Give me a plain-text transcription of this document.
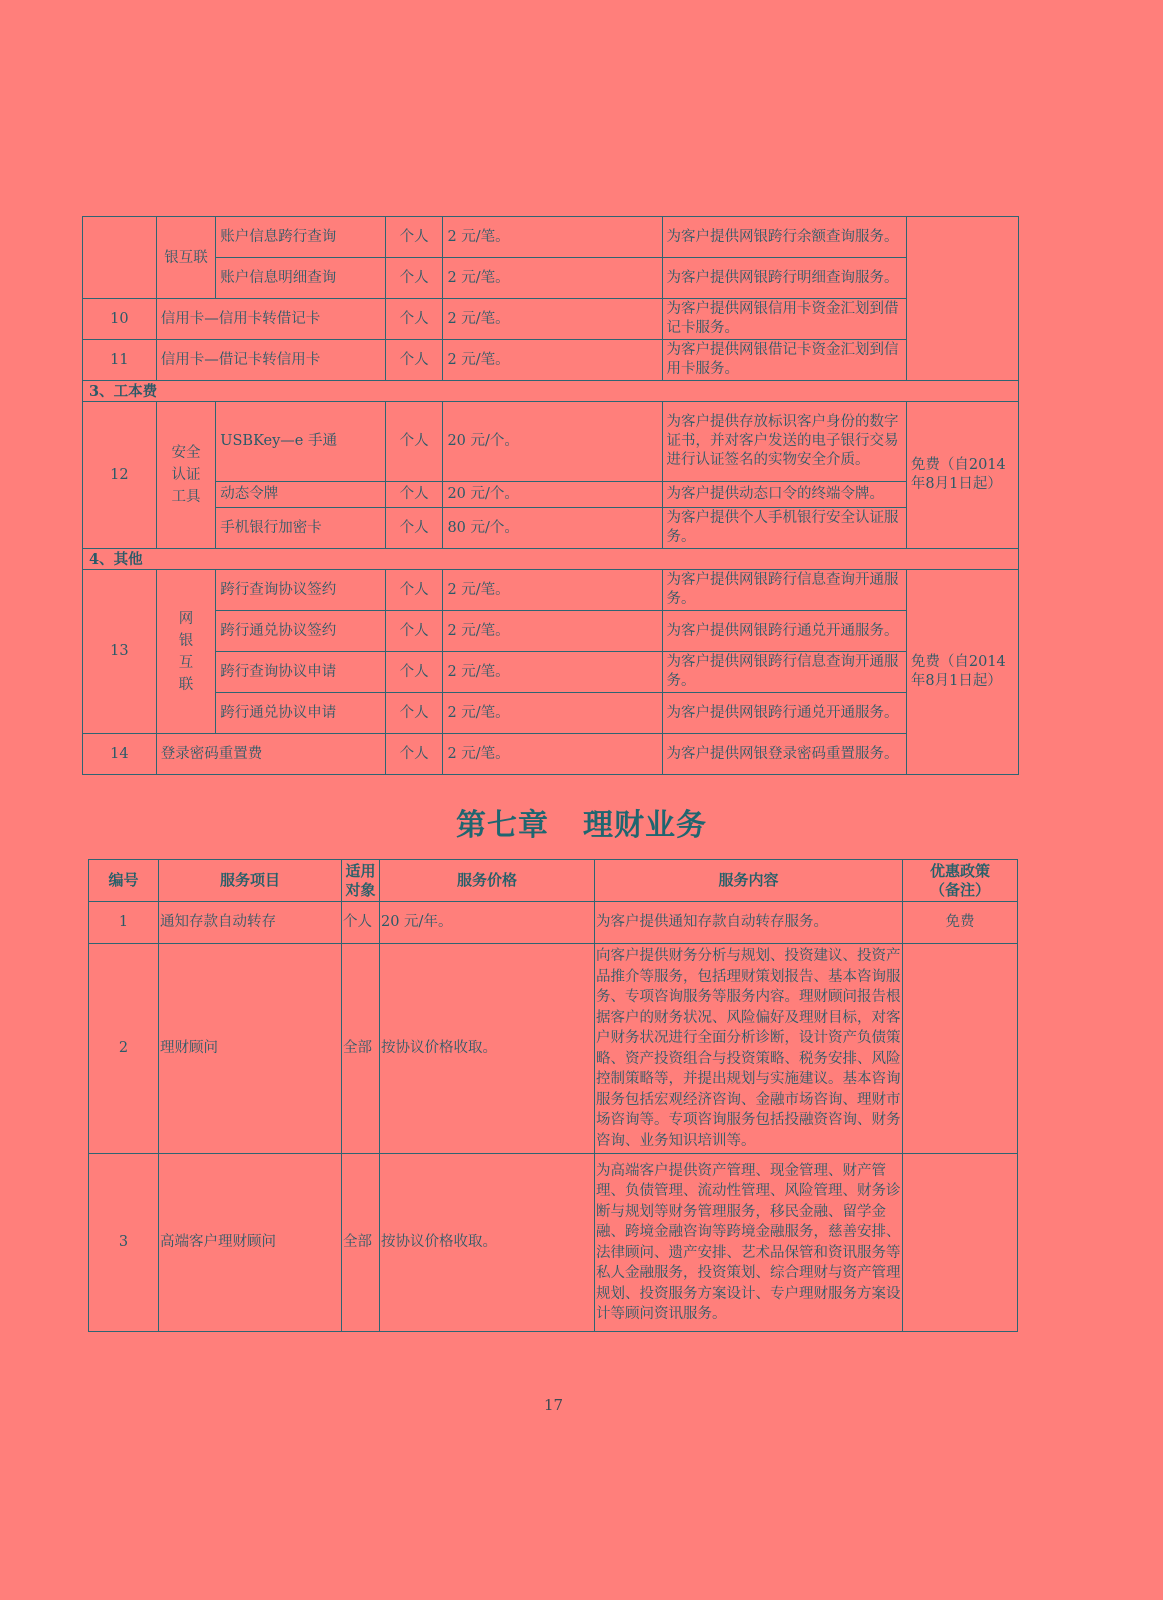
	银互联	账户信息跨行查询	个人	2 元/笔。	为客户提供网银跨行余额查询服务。	
		账户信息明细查询	个人	2 元/笔。	为客户提供网银跨行明细查询服务。	
10	信用卡—信用卡转借记卡		个人	2 元/笔。	为客户提供网银信用卡资金汇划到借记卡服务。	
11	信用卡—借记卡转信用卡		个人	2 元/笔。	为客户提供网银借记卡资金汇划到信用卡服务。	
3、工本费						
12	安全认证工具	USBKey—e 手通	个人	20 元/个。	为客户提供存放标识客户身份的数字证书，并对客户发送的电子银行交易进行认证签名的实物安全介质。	免费（自2014年8月1日起）
		动态令牌	个人	20 元/个。	为客户提供动态口令的终端令牌。	
		手机银行加密卡	个人	80 元/个。	为客户提供个人手机银行安全认证服务。	
4、其他						
13	网银互联	跨行查询协议签约	个人	2 元/笔。	为客户提供网银跨行信息查询开通服务。	免费（自2014年8月1日起）
		跨行通兑协议签约	个人	2 元/笔。	为客户提供网银跨行通兑开通服务。	
		跨行查询协议申请	个人	2 元/笔。	为客户提供网银跨行信息查询开通服务。	
		跨行通兑协议申请	个人	2 元/笔。	为客户提供网银跨行通兑开通服务。	
14	登录密码重置费		个人	2 元/笔。	为客户提供网银登录密码重置服务。	
第七章 理财业务
编号	服务项目	适用对象	服务价格	服务内容	优惠政策（备注）
1	通知存款自动转存	个人	20 元/年。	为客户提供通知存款自动转存服务。	免费
2	理财顾问	全部	按协议价格收取。	向客户提供财务分析与规划、投资建议、投资产品推介等服务，包括理财策划报告、基本咨询服务、专项咨询服务等服务内容。理财顾问报告根据客户的财务状况、风险偏好及理财目标，对客户财务状况进行全面分析诊断，设计资产负债策略、资产投资组合与投资策略、税务安排、风险控制策略等，并提出规划与实施建议。基本咨询服务包括宏观经济咨询、金融市场咨询、理财市场咨询等。专项咨询服务包括投融资咨询、财务咨询、业务知识培训等。	
3	高端客户理财顾问	全部	按协议价格收取。	为高端客户提供资产管理、现金管理、财产管理、负债管理、流动性管理、风险管理、财务诊断与规划等财务管理服务，移民金融、留学金融、跨境金融咨询等跨境金融服务，慈善安排、法律顾问、遗产安排、艺术品保管和资讯服务等私人金融服务，投资策划、综合理财与资产管理规划、投资服务方案设计、专户理财服务方案设计等顾问资讯服务。	
17
